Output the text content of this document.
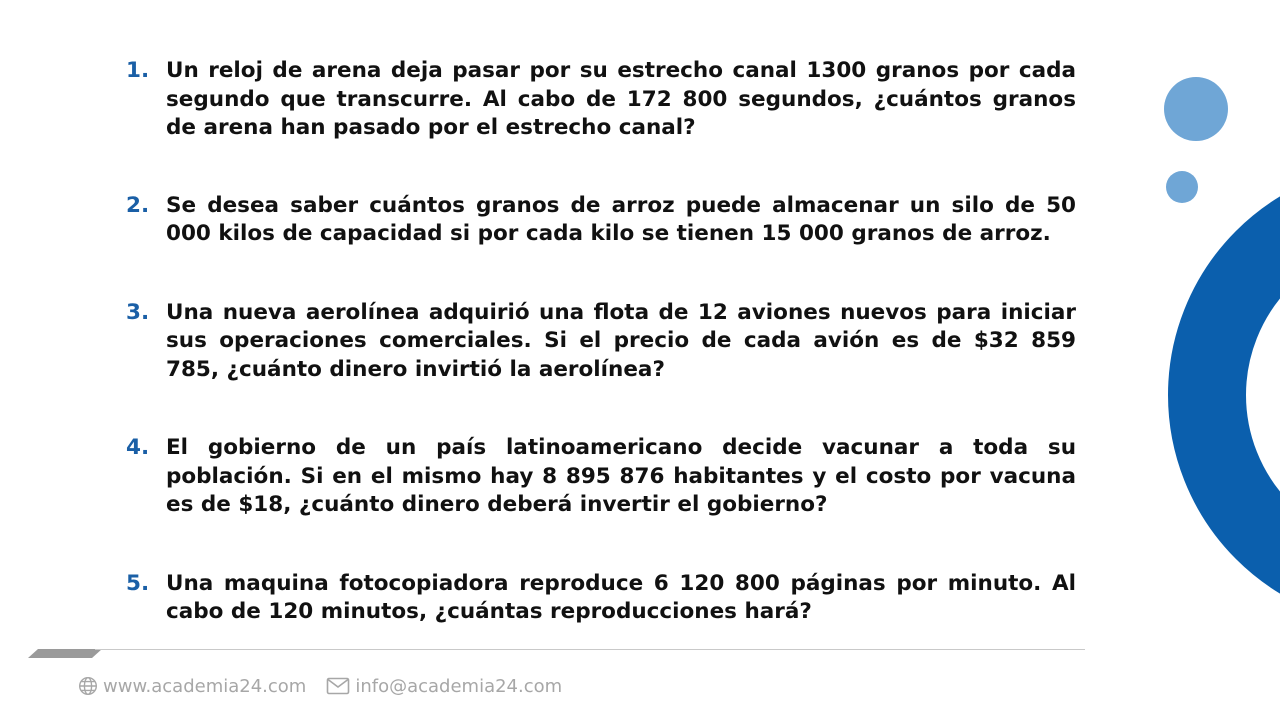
1. Un reloj de arena deja pasar por su estrecho canal 1300 granos por cada segundo que transcurre. Al cabo de 172 800 segundos, ¿cuántos granos de arena han pasado por el estrecho canal?
2. Se desea saber cuántos granos de arroz puede almacenar un silo de 50 000 kilos de capacidad si por cada kilo se tienen 15 000 granos de arroz.
3. Una nueva aerolínea adquirió una flota de 12 aviones nuevos para iniciar sus operaciones comerciales. Si el precio de cada avión es de $32 859 785, ¿cuánto dinero invirtió la aerolínea?
4. El gobierno de un país latinoamericano decide vacunar a toda su población. Si en el mismo hay 8 895 876 habitantes y el costo por vacuna es de $18, ¿cuánto dinero deberá invertir el gobierno?
5. Una maquina fotocopiadora reproduce 6 120 800 páginas por minuto. Al cabo de 120 minutos, ¿cuántas reproducciones hará?
www.academia24.com	info@academia24.com
